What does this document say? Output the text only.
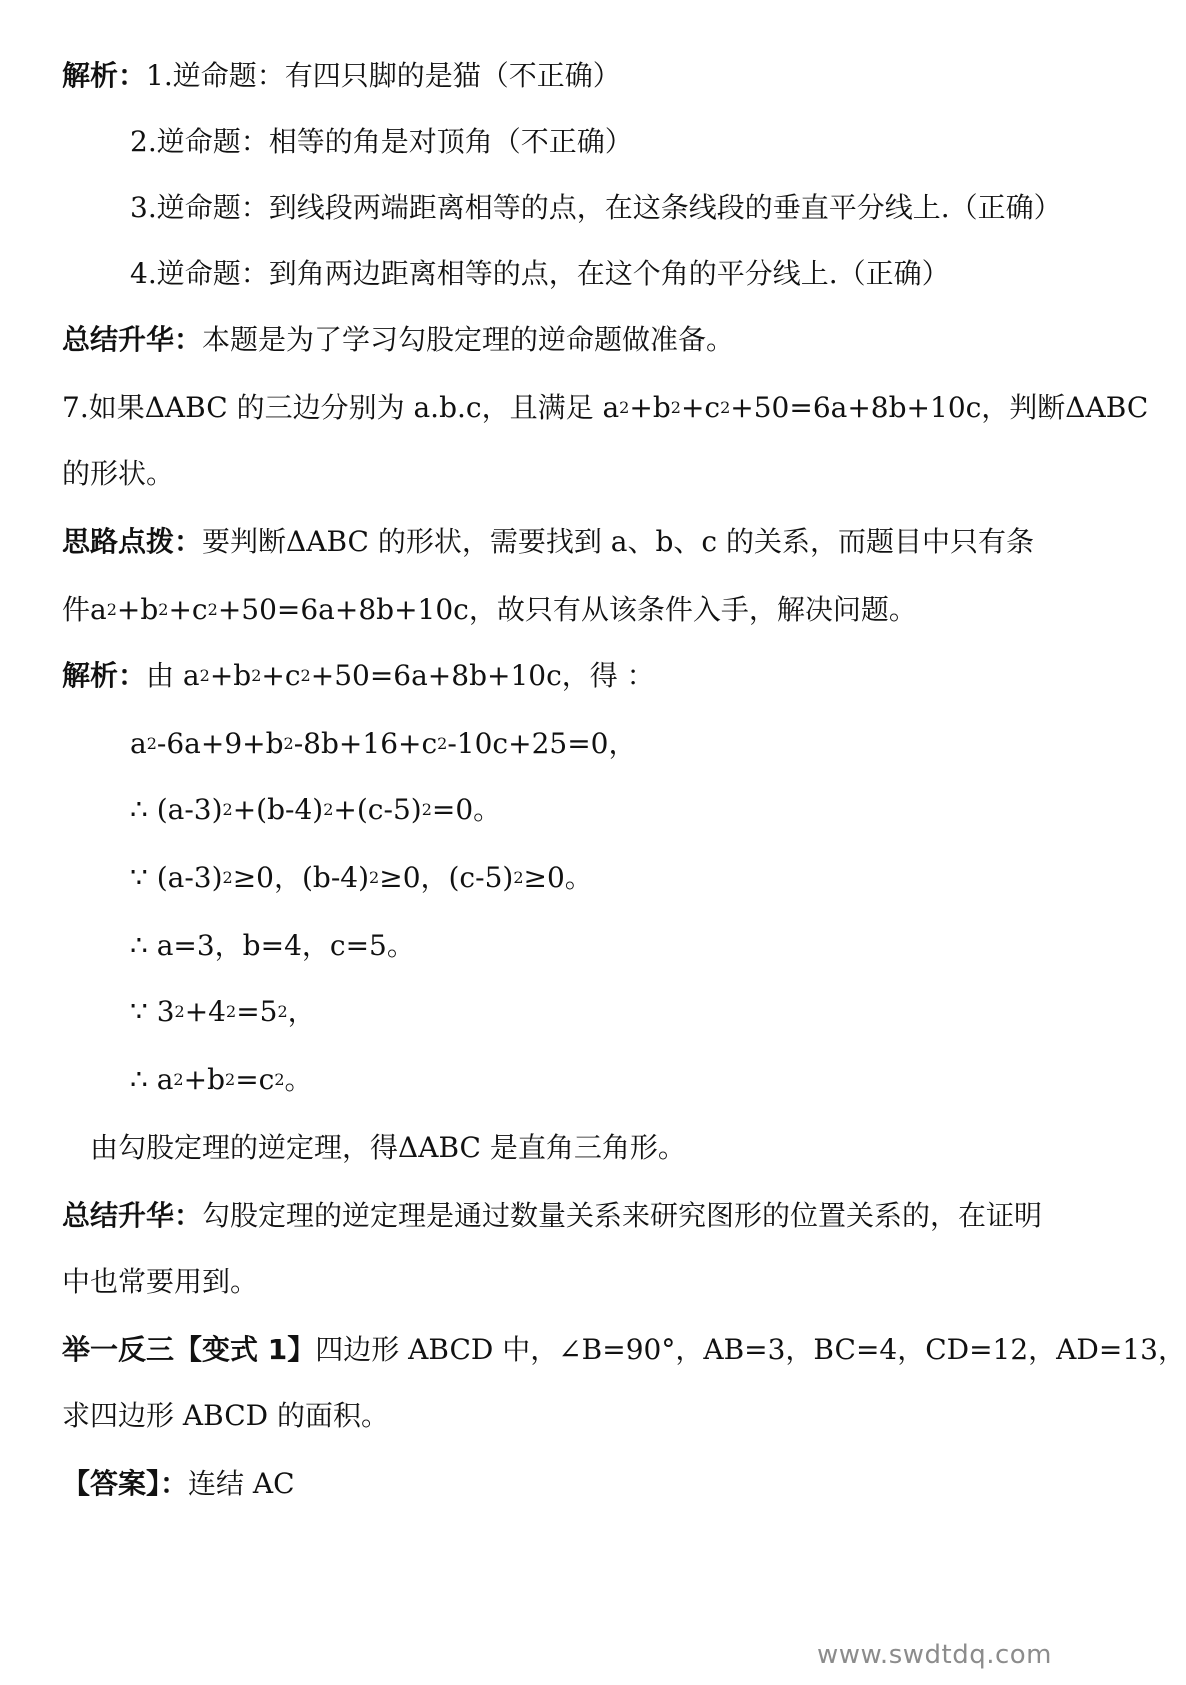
解析：1.逆命题：有四只脚的是猫（不正确）
2.逆命题：相等的角是对顶角（不正确）
3.逆命题：到线段两端距离相等的点，在这条线段的垂直平分线上.（正确）
4.逆命题：到角两边距离相等的点，在这个角的平分线上.（正确）
总结升华：本题是为了学习勾股定理的逆命题做准备。
7.如果ΔABC 的三边分别为 a.b.c，且满足 $a^2+b^2+c^2+50=6a+8b+10c$，判断ΔABC
的形状。
思路点拨：要判断ΔABC 的形状，需要找到 a、b、c 的关系，而题目中只有条
件$a^2+b^2+c^2+50=6a+8b+10c$，故只有从该条件入手，解决问题。
解析：由 $a^2+b^2+c^2+50=6a+8b+10c$，得 ：
$a^2-6a+9+b^2-8b+16+c^2-10c+25=0$，
∴ $(a-3)^2+(b-4)^2+(c-5)^2=0$。
∵ $(a-3)^2\ge 0$，$(b-4)^2\ge 0$，$(c-5)^2\ge 0$。
∴ a=3，b=4，c=5。
∵ $3^2+4^2=5^2$，
∴ $a^2+b^2=c^2$。
由勾股定理的逆定理，得ΔABC 是直角三角形。
总结升华：勾股定理的逆定理是通过数量关系来研究图形的位置关系的，在证明
中也常要用到。
举一反三【变式 1】四边形 ABCD 中，∠B=90°，AB=3，BC=4，CD=12，AD=13，
求四边形 ABCD 的面积。
【答案】：连结 AC
www.swdtdq.com
